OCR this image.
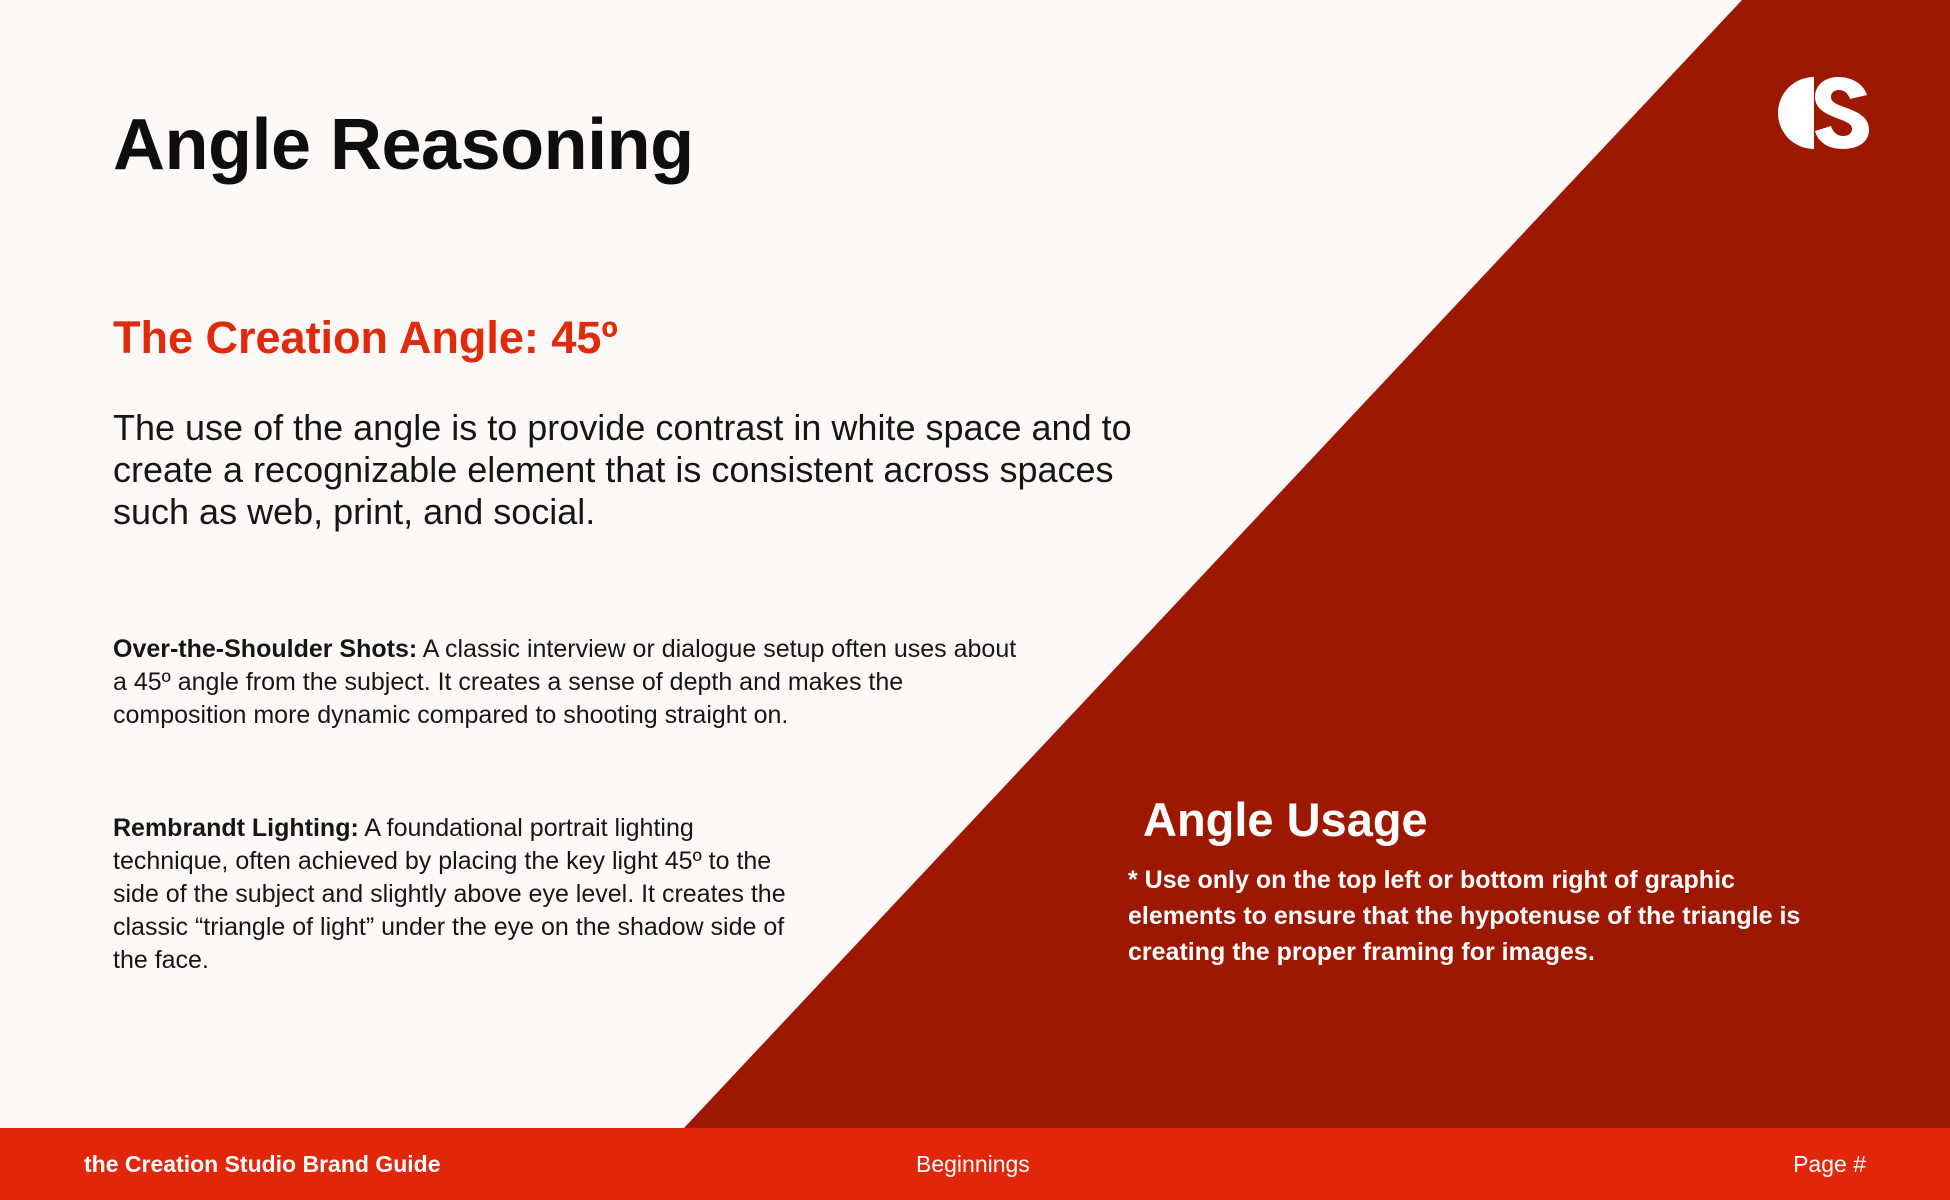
Angle Reasoning
The Creation Angle: 45º

The use of the angle is to provide contrast in white space and to create a recognizable element that is consistent across spaces such as web, print, and social.

Over-the-Shoulder Shots: A classic interview or dialogue setup often uses about a 45º angle from the subject. It creates a sense of depth and makes the composition more dynamic compared to shooting straight on.

Rembrandt Lighting: A foundational portrait lighting technique, often achieved by placing the key light 45º to the side of the subject and slightly above eye level. It creates the classic “triangle of light” under the eye on the shadow side of the face.

Angle Usage

* Use only on the top left or bottom right of graphic elements to ensure that the hypotenuse of the triangle is creating the proper framing for images.

the Creation Studio Brand Guide	Beginnings	Page #
